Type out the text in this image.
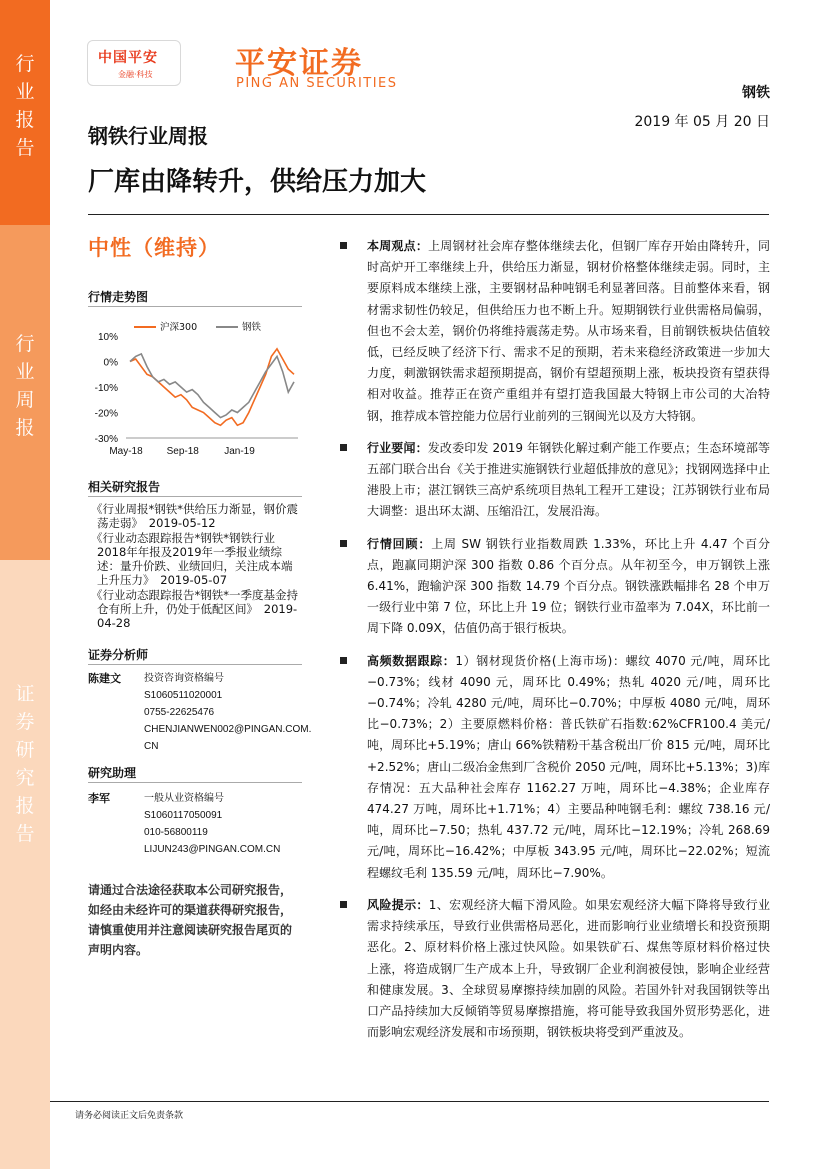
行
业
报
告
行
业
周
报
证
券
研
究
报
告
中国平安
金融·科技	平安证券
PING AN SECURITIES
钢铁
2019 年 05 月 20 日
钢铁行业周报
厂库由降转升，供给压力加大
中性（维持）
行情走势图
10%
0%
-10%
-20%
-30%
May-18 Sep-18	Jan-19
沪深300	钢铁
相关研究报告

《行业周报*钢铁*供给压力渐显，钢价震荡走弱》　2019-05-12

《行业动态跟踪报告*钢铁*钢铁行业2018年年报及2019年一季报业绩综述：量升价跌、业绩回归，关注成本端上升压力》　2019-05-07

《行业动态跟踪报告*钢铁*一季度基金持仓有所上升，仍处于低配区间》　2019-04-28

证券分析师
陈建文	投资咨询资格编号
S1060511020001
0755-22625476
CHENJIANWEN002@PINGAN.COM.
CN
研究助理
李军	一般从业资格编号
S1060117050091
010-56800119
LIJUN243@PINGAN.COM.CN
请通过合法途径获取本公司研究报告，如经由未经许可的渠道获得研究报告，请慎重使用并注意阅读研究报告尾页的声明内容。
本周观点：上周钢材社会库存整体继续去化，但钢厂库存开始由降转升，同时高炉开工率继续上升，供给压力渐显，钢材价格整体继续走弱。同时，主要原料成本继续上涨，主要钢材品种吨钢毛利显著回落。目前整体来看，钢材需求韧性仍较足，但供给压力也不断上升。短期钢铁行业供需格局偏弱，但也不会太差，钢价仍将维持震荡走势。从市场来看，目前钢铁板块估值较低，已经反映了经济下行、需求不足的预期，若未来稳经济政策进一步加大力度，刺激钢铁需求超预期提高，钢价有望超预期上涨，板块投资有望获得相对收益。推荐正在资产重组并有望打造我国最大特钢上市公司的大冶特钢，推荐成本管控能力位居行业前列的三钢闽光以及方大特钢。
行业要闻：发改委印发 2019 年钢铁化解过剩产能工作要点；生态环境部等五部门联合出台《关于推进实施钢铁行业超低排放的意见》；找钢网选择中止港股上市；湛江钢铁三高炉系统项目热轧工程开工建设；江苏钢铁行业布局大调整：退出环太湖、压缩沿江，发展沿海。
行情回顾：上周 SW 钢铁行业指数周跌 1.33%，环比上升 4.47 个百分点，跑赢同期沪深 300 指数 0.86 个百分点。从年初至今，申万钢铁上涨 6.41%，跑输沪深 300 指数 14.79 个百分点。钢铁涨跌幅排名 28 个申万一级行业中第 7 位，环比上升 19 位；钢铁行业市盈率为 7.04X，环比前一周下降 0.09X，估值仍高于银行板块。
高频数据跟踪：1）钢材现货价格(上海市场)：螺纹 4070 元/吨，周环比−0.73%；线材 4090 元，周环比 0.49%；热轧 4020 元/吨，周环比−0.74%；冷轧 4280 元/吨，周环比−0.70%；中厚板 4080 元/吨，周环比−0.73%；2）主要原燃料价格：普氏铁矿石指数:62%CFR100.4 美元/吨，周环比+5.19%；唐山 66%铁精粉干基含税出厂价 815 元/吨，周环比+2.52%；唐山二级冶金焦到厂含税价 2050 元/吨，周环比+5.13%；3)库存情况：五大品种社会库存 1162.27 万吨，周环比−4.38%；企业库存 474.27 万吨，周环比+1.71%；4）主要品种吨钢毛利：螺纹 738.16 元/吨，周环比−7.50；热轧 437.72 元/吨，周环比−12.19%；冷轧 268.69 元/吨，周环比−16.42%；中厚板 343.95 元/吨，周环比−22.02%；短流程螺纹毛利 135.59 元/吨，周环比−7.90%。
风险提示：1、宏观经济大幅下滑风险。如果宏观经济大幅下降将导致行业需求持续承压，导致行业供需格局恶化，进而影响行业业绩增长和投资预期恶化。2、原材料价格上涨过快风险。如果铁矿石、煤焦等原材料价格过快上涨，将造成钢厂生产成本上升，导致钢厂企业利润被侵蚀，影响企业经营和健康发展。3、全球贸易摩擦持续加剧的风险。若国外针对我国钢铁等出口产品持续加大反倾销等贸易摩擦措施，将可能导致我国外贸形势恶化，进而影响宏观经济发展和市场预期，钢铁板块将受到严重波及。
请务必阅读正文后免责条款
